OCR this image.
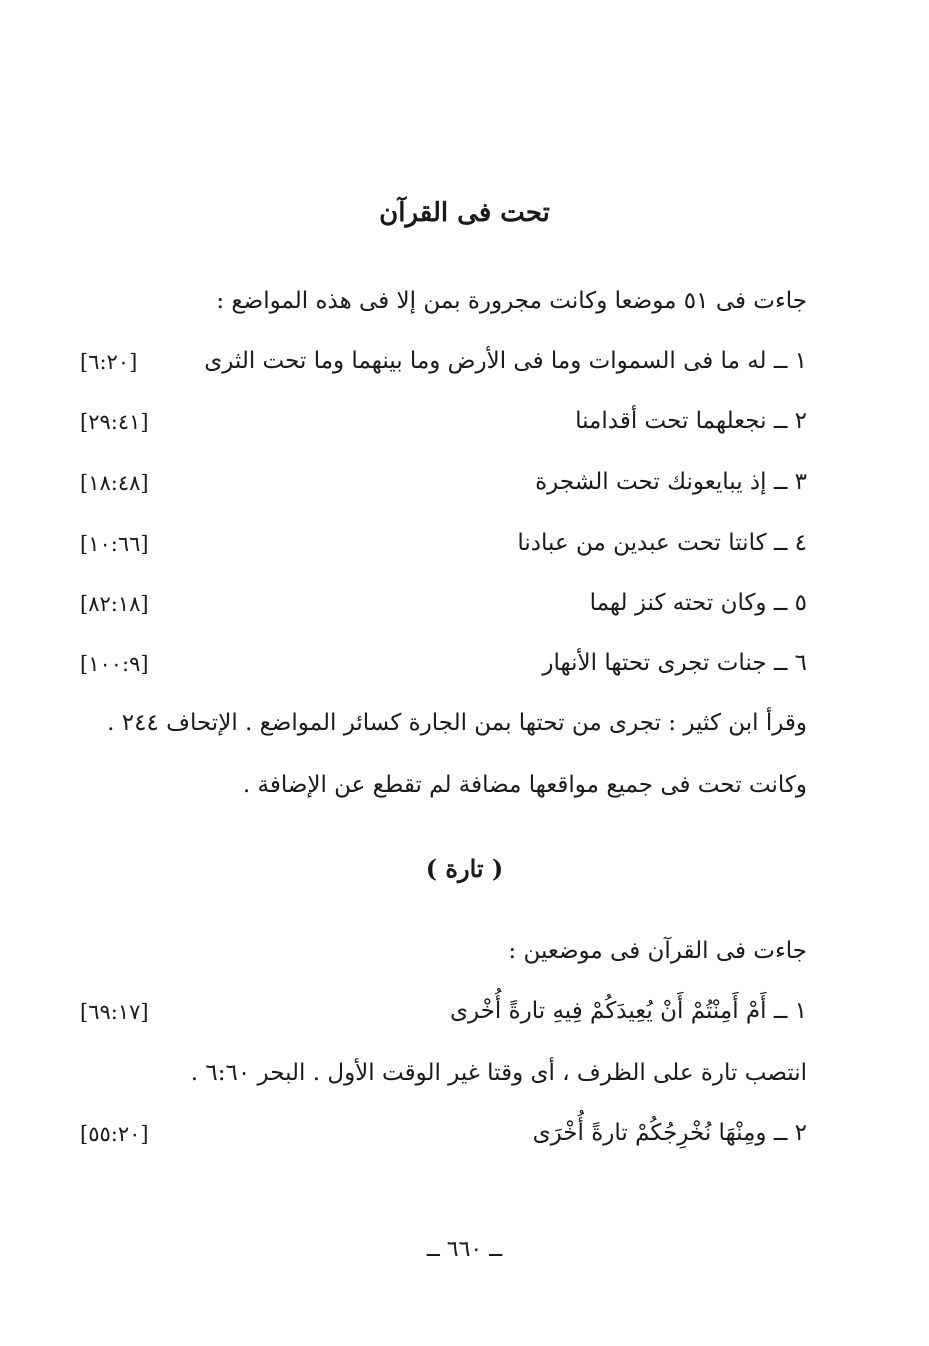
تحت فى القرآن
جاءت فى ٥١ موضعا وكانت مجرورة بمن إلا فى هذه المواضع :
١ ــ له ما فى السموات وما فى الأرض وما بينهما وما تحت الثرى
[٦:٢٠]
٢ ــ نجعلهما تحت أقدامنا
[٢٩:٤١]
٣ ــ إذ يبايعونك تحت الشجرة
[١٨:٤٨]
٤ ــ كانتا تحت عبدين من عبادنا
[١٠:٦٦]
٥ ــ وكان تحته كنز لهما
[٨٢:١٨]
٦ ــ جنات تجرى تحتها الأنهار
[١٠٠:٩]
وقرأ ابن كثير : تجرى من تحتها بمن الجارة كسائر المواضع . الإتحاف ٢٤٤ .
وكانت تحت فى جميع مواقعها مضافة لم تقطع عن الإضافة .
( تارة )
جاءت فى القرآن فى موضعين :
١ ــ أَمْ أَمِنْتُمْ أَنْ يُعِيدَكُمْ فِيهِ تارةً أُخْرى
[٦٩:١٧]
انتصب تارة على الظرف ، أى وقتا غير الوقت الأول . البحر ٦:٦٠ .
٢ ــ ومِنْهَا نُخْرِجُكُمْ تارةً أُخْرَى
[٥٥:٢٠]
ــ ٦٦٠ ــ
